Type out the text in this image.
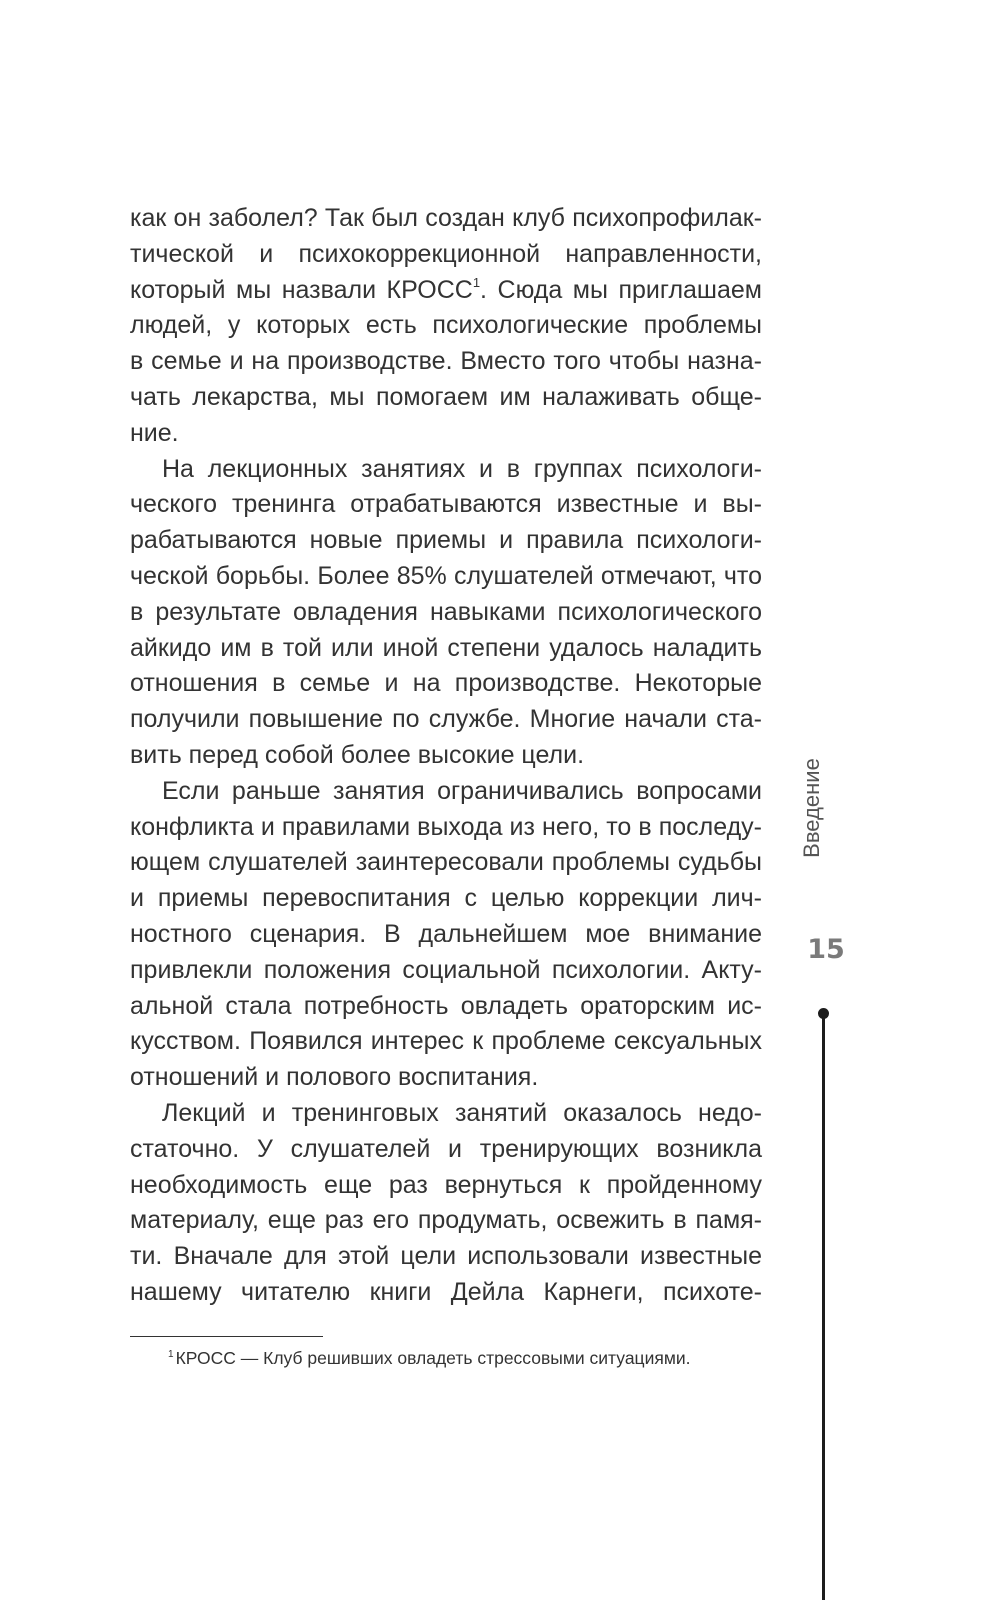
как он заболел? Так был создан клуб психопрофилак-
тической и психокоррекционной направленности,
который мы назвали КРОСС$^1$. Сюда мы приглашаем
людей, у которых есть психологические проблемы
в семье и на производстве. Вместо того чтобы назна-
чать лекарства, мы помогаем им налаживать обще-
ние.
На лекционных занятиях и в группах психологи-
ческого тренинга отрабатываются известные и вы-
рабатываются новые приемы и правила психологи-
ческой борьбы. Более 85% слушателей отмечают, что
в результате овладения навыками психологического
айкидо им в той или иной степени удалось наладить
отношения в семье и на производстве. Некоторые
получили повышение по службе. Многие начали ста-
вить перед собой более высокие цели.
Если раньше занятия ограничивались вопросами
конфликта и правилами выхода из него, то в последу-
ющем слушателей заинтересовали проблемы судьбы
и приемы перевоспитания с целью коррекции лич-
ностного сценария. В дальнейшем мое внимание
привлекли положения социальной психологии. Акту-
альной стала потребность овладеть ораторским ис-
кусством. Появился интерес к проблеме сексуальных
отношений и полового воспитания.
Лекций и тренинговых занятий оказалось недо-
статочно. У слушателей и тренирующих возникла
необходимость еще раз вернуться к пройденному
материалу, еще раз его продумать, освежить в памя-
ти. Вначале для этой цели использовали известные
нашему читателю книги Дейла Карнеги, психоте-
$^1$ КРОСС — Клуб решивших овладеть стрессовыми ситуациями.
Введение
15
